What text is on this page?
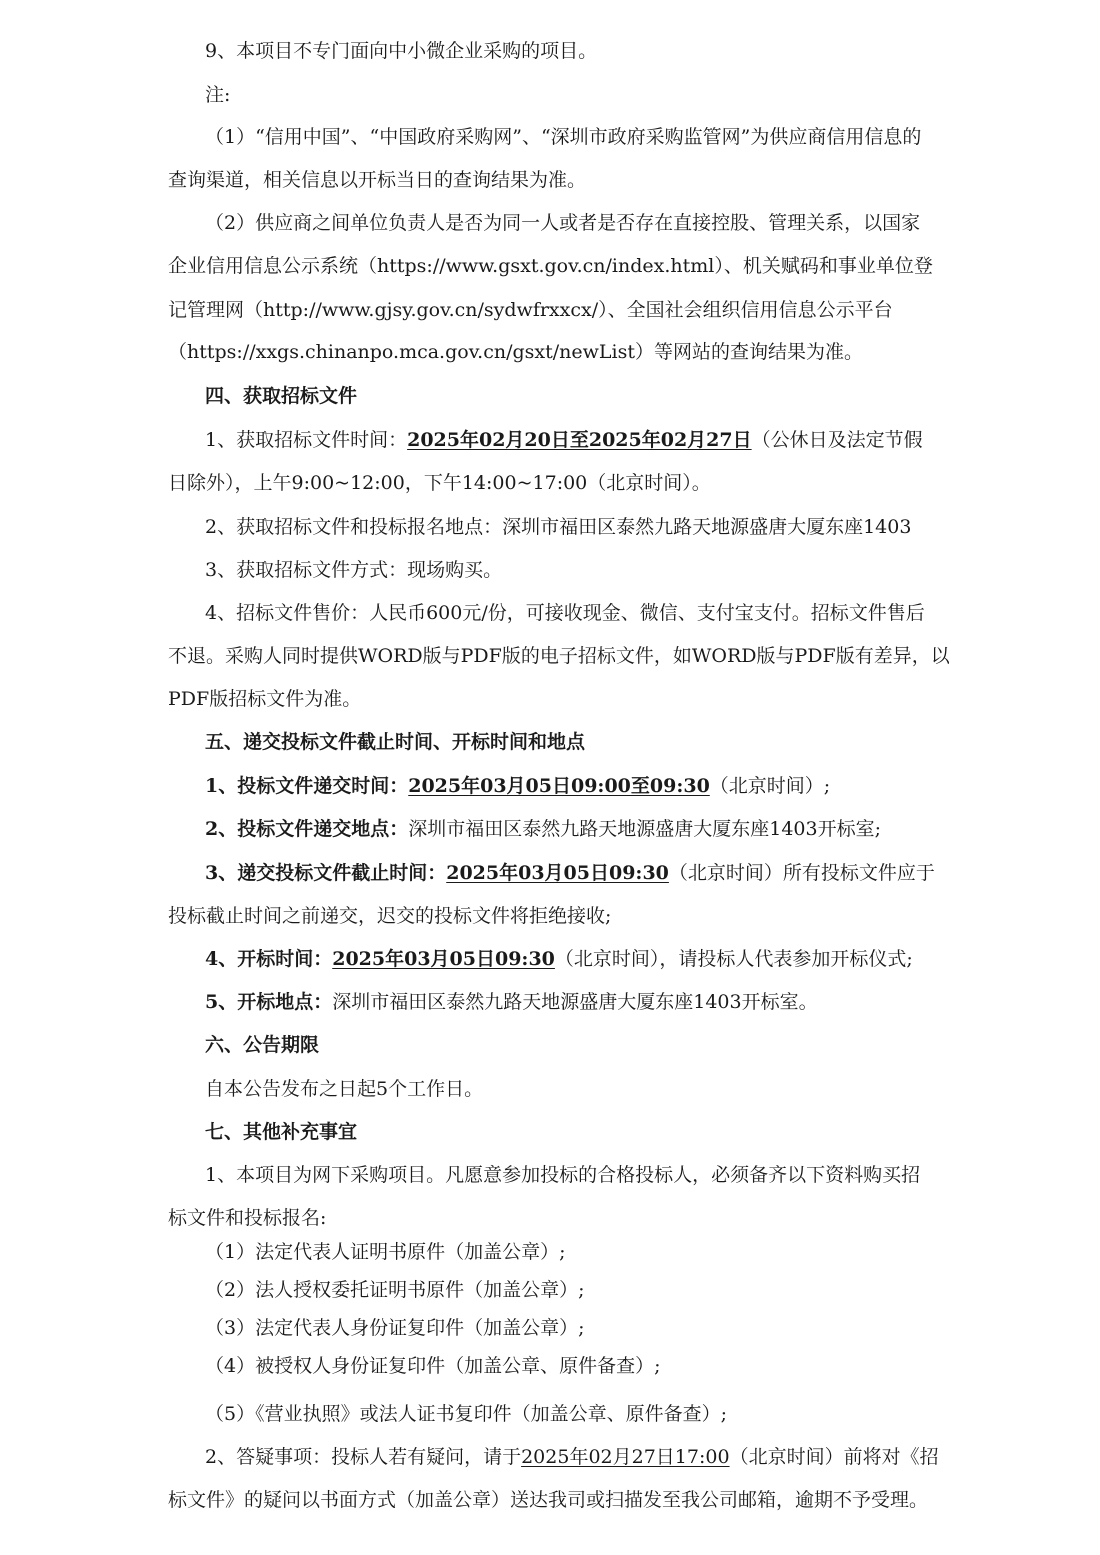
9、本项目不专门面向中小微企业采购的项目。
注:
（1）“信用中国”、“中国政府采购网”、“深圳市政府采购监管网”为供应商信用信息的
查询渠道，相关信息以开标当日的查询结果为准。
（2）供应商之间单位负责人是否为同一人或者是否存在直接控股、管理关系，以国家
企业信用信息公示系统（https://www.gsxt.gov.cn/index.html）、机关赋码和事业单位登
记管理网（http://www.gjsy.gov.cn/sydwfrxxcx/）、全国社会组织信用信息公示平台
（https://xxgs.chinanpo.mca.gov.cn/gsxt/newList）等网站的查询结果为准。
四、获取招标文件
1、获取招标文件时间：2025年02月20日至2025年02月27日（公休日及法定节假
日除外），上午9:00~12:00，下午14:00~17:00（北京时间）。
2、获取招标文件和投标报名地点：深圳市福田区泰然九路天地源盛唐大厦东座1403
3、获取招标文件方式：现场购买。
4、招标文件售价：人民币600元/份，可接收现金、微信、支付宝支付。招标文件售后
不退。采购人同时提供WORD版与PDF版的电子招标文件，如WORD版与PDF版有差异，以
PDF版招标文件为准。
五、递交投标文件截止时间、开标时间和地点
1、投标文件递交时间：2025年03月05日09:00至09:30（北京时间）;
2、投标文件递交地点：深圳市福田区泰然九路天地源盛唐大厦东座1403开标室;
3、递交投标文件截止时间：2025年03月05日09:30（北京时间）所有投标文件应于
投标截止时间之前递交，迟交的投标文件将拒绝接收;
4、开标时间：2025年03月05日09:30（北京时间），请投标人代表参加开标仪式;
5、开标地点：深圳市福田区泰然九路天地源盛唐大厦东座1403开标室。
六、公告期限
自本公告发布之日起5个工作日。
七、其他补充事宜
1、本项目为网下采购项目。凡愿意参加投标的合格投标人，必须备齐以下资料购买招
标文件和投标报名:
（1）法定代表人证明书原件（加盖公章）;
（2）法人授权委托证明书原件（加盖公章）;
（3）法定代表人身份证复印件（加盖公章）;
（4）被授权人身份证复印件（加盖公章、原件备查）;
（5）《营业执照》或法人证书复印件（加盖公章、原件备查）;
2、答疑事项：投标人若有疑问，请于2025年02月27日17:00（北京时间）前将对《招
标文件》的疑问以书面方式（加盖公章）送达我司或扫描发至我公司邮箱，逾期不予受理。
